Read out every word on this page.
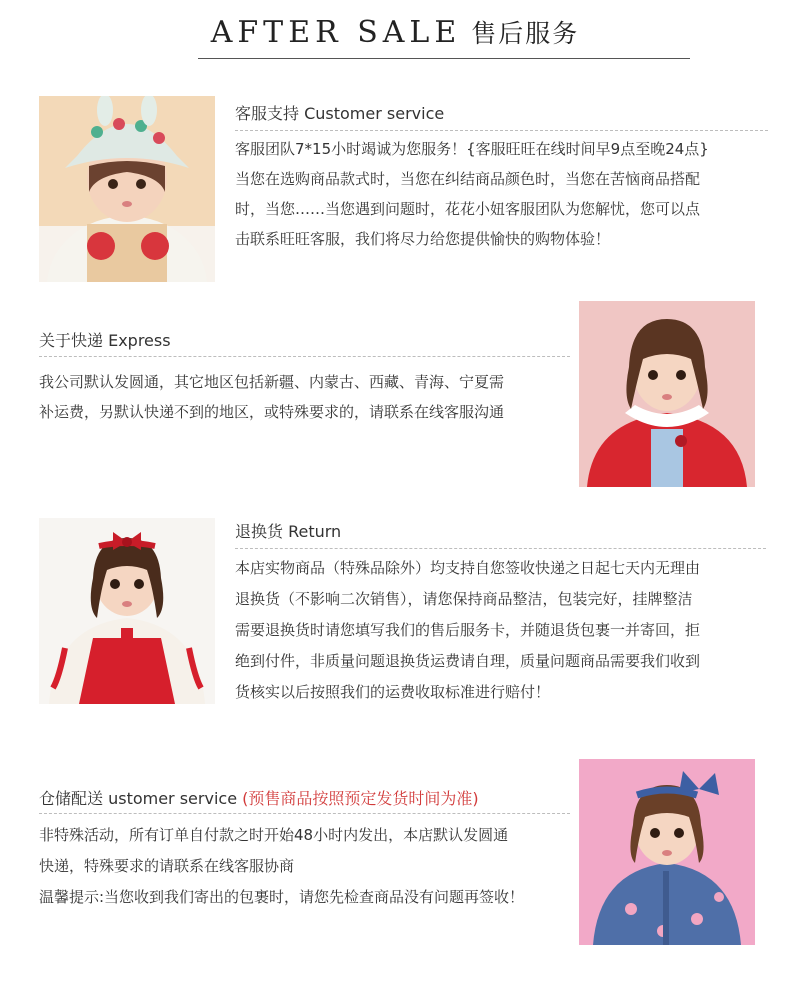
AFTER SALE 售后服务
客服支持 Customer service
客服团队7*15小时竭诚为您服务！{客服旺旺在线时间早9点至晚24点}
当您在选购商品款式时，当您在纠结商品颜色时，当您在苦恼商品搭配
时，当您……当您遇到问题时，花花小妞客服团队为您解忧，您可以点
击联系旺旺客服，我们将尽力给您提供愉快的购物体验！
关于快递 Express
我公司默认发圆通，其它地区包括新疆、内蒙古、西藏、青海、宁夏需
补运费，另默认快递不到的地区，或特殊要求的，请联系在线客服沟通
退换货 Return
本店实物商品（特殊品除外）均支持自您签收快递之日起七天内无理由
退换货（不影响二次销售），请您保持商品整洁，包装完好，挂牌整洁
需要退换货时请您填写我们的售后服务卡，并随退货包裹一并寄回，拒
绝到付件，非质量问题退换货运费请自理，质量问题商品需要我们收到
货核实以后按照我们的运费收取标准进行赔付！
仓储配送 ustomer service (预售商品按照预定发货时间为准)
非特殊活动，所有订单自付款之时开始48小时内发出，本店默认发圆通
快递，特殊要求的请联系在线客服协商
温馨提示:当您收到我们寄出的包裹时，请您先检查商品没有问题再签收！
